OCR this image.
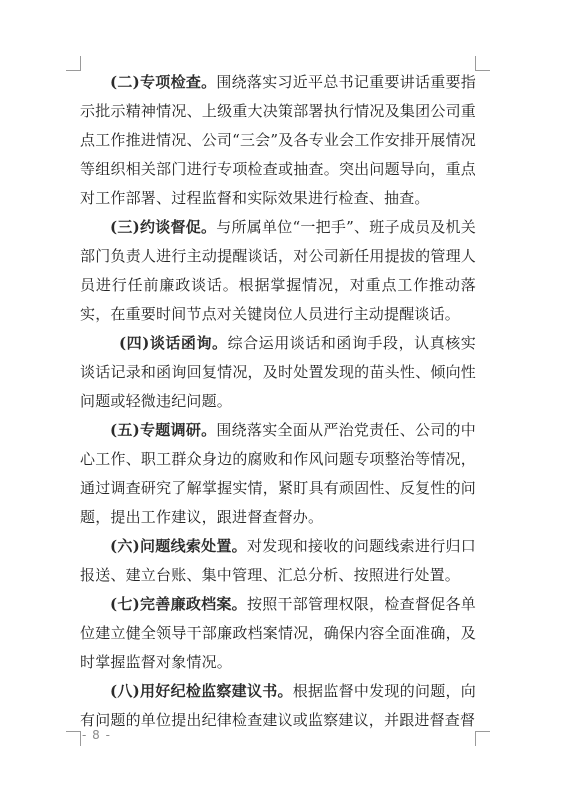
(二)专项检查。围绕落实习近平总书记重要讲话重要指示批示精神情况、上级重大决策部署执行情况及集团公司重点工作推进情况、公司“三会”及各专业会工作安排开展情况等组织相关部门进行专项检查或抽查。突出问题导向，重点对工作部署、过程监督和实际效果进行检查、抽查。

(三)约谈督促。与所属单位“一把手”、班子成员及机关部门负责人进行主动提醒谈话，对公司新任用提拔的管理人员进行任前廉政谈话。根据掌握情况，对重点工作推动落实，在重要时间节点对关键岗位人员进行主动提醒谈话。

(四)谈话函询。综合运用谈话和函询手段，认真核实谈话记录和函询回复情况，及时处置发现的苗头性、倾向性问题或轻微违纪问题。

(五)专题调研。围绕落实全面从严治党责任、公司的中心工作、职工群众身边的腐败和作风问题专项整治等情况，通过调查研究了解掌握实情，紧盯具有顽固性、反复性的问题，提出工作建议，跟进督查督办。

(六)问题线索处置。对发现和接收的问题线索进行归口报送、建立台账、集中管理、汇总分析、按照进行处置。

(七)完善廉政档案。按照干部管理权限，检查督促各单位建立健全领导干部廉政档案情况，确保内容全面准确，及时掌握监督对象情况。

(八)用好纪检监察建议书。根据监督中发现的问题，向有问题的单位提出纪律检查建议或监察建议，并跟进督查督

- 8 -
